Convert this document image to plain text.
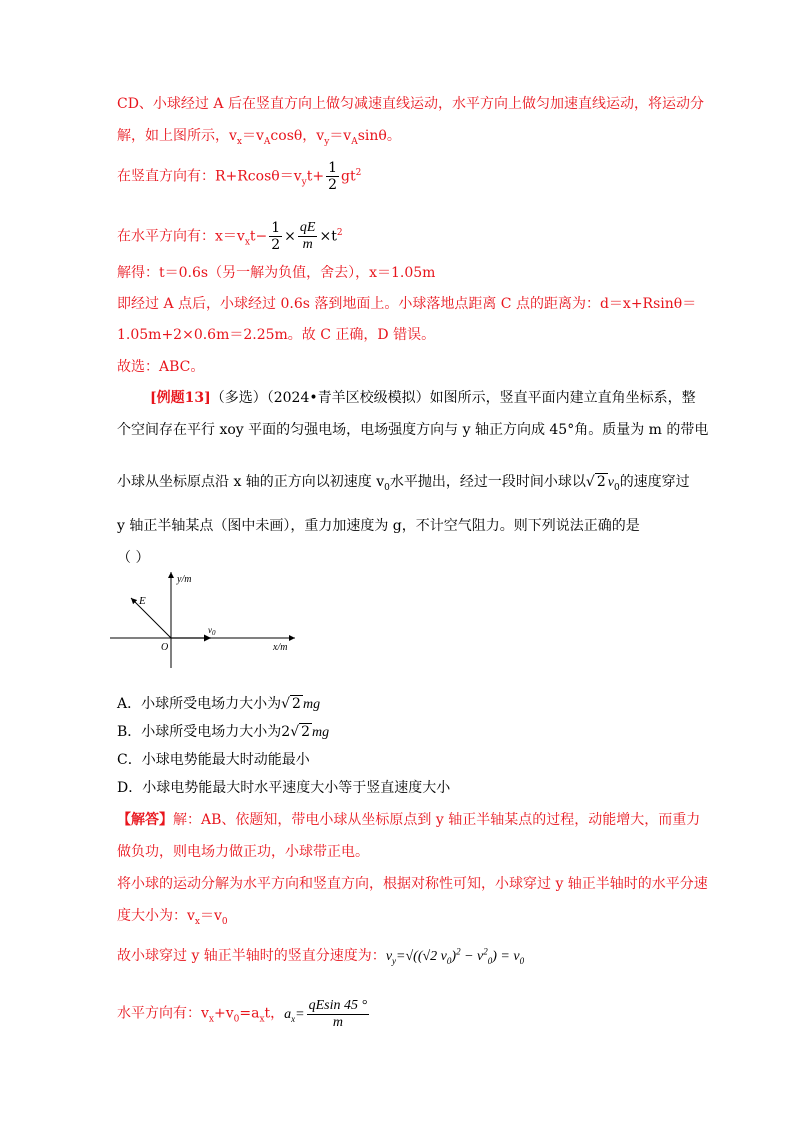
CD、小球经过 A 后在竖直方向上做匀减速直线运动，水平方向上做匀加速直线运动，将运动分
解，如上图所示，$v_x=v_A\cos\theta$，$v_y=v_A\sin\theta$。
在竖直方向有：$R+Rcos\theta=v_yt+ \frac{1}{2} gt^2$
在水平方向有：$x=v_xt- \frac{1}{2} \times \frac{qE}{m} \times t^2$
解得：t＝0.6s（另一解为负值，舍去），x＝1.05m
即经过 A 点后，小球经过 0.6s 落到地面上。小球落地点距离 C 点的距离为：d＝x+Rsinθ＝
1.05m+2×0.6m＝2.25m。故 C 正确，D 错误。
故选：ABC。
[例题13]（多选）（2024•青羊区校级模拟）如图所示，竖直平面内建立直角坐标系，整
个空间存在平行 xoy 平面的匀强电场，电场强度方向与 y 轴正方向成 45°角。质量为 m 的带电
小球从坐标原点沿 x 轴的正方向以初速度 $v_0$水平抛出，经过一段时间小球以√ 2 $v_0$的速度穿过
y 轴正半轴某点（图中未画），重力加速度为 g，不计空气阻力。则下列说法正确的是
（ ）
y/m
x/m
O
E
$v_0$
A．小球所受电场力大小为√ 2 mg
B．小球所受电场力大小为2√ 2 mg
C．小球电势能最大时动能最小
D．小球电势能最大时水平速度大小等于竖直速度大小
【解答】解：AB、依题知，带电小球从坐标原点到 y 轴正半轴某点的过程，动能增大，而重力
做负功，则电场力做正功，小球带正电。
将小球的运动分解为水平方向和竖直方向，根据对称性可知，小球穿过 y 轴正半轴时的水平分速
度大小为：$v_x=v_0$
故小球穿过 y 轴正半轴时的竖直分速度为：$v_y=√((√2$ $v_0)^2 - v^2_0) = v_0$
水平方向有：$v_x+v_0=a_xt$，$a_x= \frac{qEsin 45 ^\circ}{m}$
